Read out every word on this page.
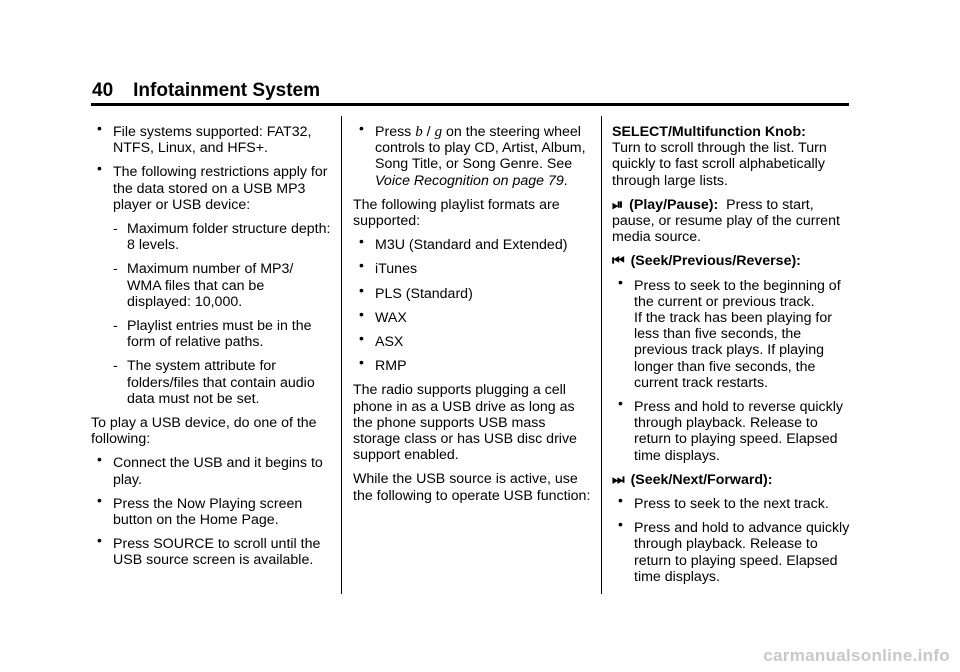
40 Infotainment System
• File systems supported: FAT32, NTFS, Linux, and HFS+.
• The following restrictions apply for the data stored on a USB MP3 player or USB device:
- Maximum folder structure depth: 8 levels.
- Maximum number of MP3/ WMA files that can be displayed: 10,000.
- Playlist entries must be in the form of relative paths.
- The system attribute for folders/files that contain audio data must not be set.

To play a USB device, do one of the following:

• Connect the USB and it begins to play.
• Press the Now Playing screen button on the Home Page.
• Press SOURCE to scroll until the USB source screen is available.
• Press b / g on the steering wheel controls to play CD, Artist, Album, Song Title, or Song Genre. See Voice Recognition on page 79.

The following playlist formats are supported:

• M3U (Standard and Extended)
• iTunes
• PLS (Standard)
• WAX
• ASX
• RMP

The radio supports plugging a cell phone in as a USB drive as long as the phone supports USB mass storage class or has USB disc drive support enabled.

While the USB source is active, use the following to operate USB function:

SELECT/Multifunction Knob:
Turn to scroll through the list. Turn quickly to fast scroll alphabetically through large lists.

⏯ (Play/Pause): Press to start, pause, or resume play of the current media source.

⏮ (Seek/Previous/Reverse):

• Press to seek to the beginning of the current or previous track.
If the track has been playing for less than five seconds, the previous track plays. If playing longer than five seconds, the current track restarts.
• Press and hold to reverse quickly through playback. Release to return to playing speed. Elapsed time displays.

⏭ (Seek/Next/Forward):

• Press to seek to the next track.
• Press and hold to advance quickly through playback. Release to return to playing speed. Elapsed time displays.
carmanualsonline.info
